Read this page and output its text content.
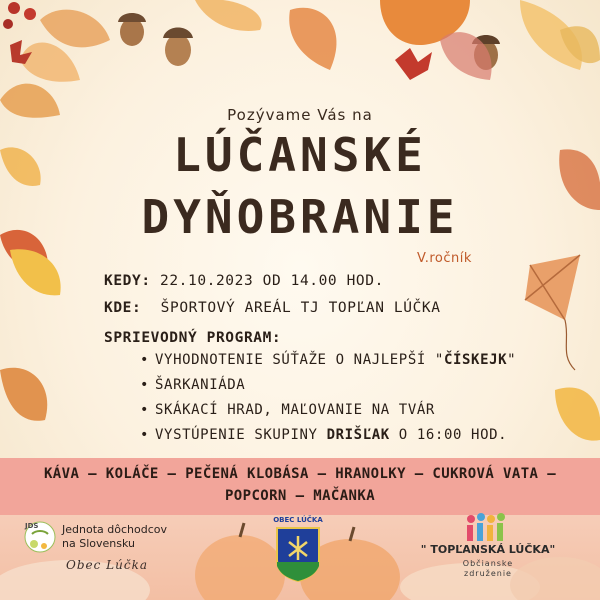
Pozývame Vás na
LÚČANSKÉ
DYŇOBRANIE
V.ročník
KEDY: 22.10.2023 OD 14.00 HOD.
KDE: ŠPORTOVÝ AREÁL TJ TOPĽAN LÚČKA
SPRIEVODNÝ PROGRAM:
• VYHODNOTENIE SÚŤAŽE O NAJLEPŠÍ "ČÍSKEJK"
• ŠARKANIÁDA
• SKÁKACÍ HRAD, MAĽOVANIE NA TVÁR
• VYSTÚPENIE SKUPINY DRIŠĽAK O 16:00 HOD.
KÁVA – KOLÁČE – PEČENÁ KLOBÁSA – HRANOLKY – CUKROVÁ VATA –
POPCORN – MAČANKA
JDS Jednota dôchodcov
na Slovensku
Obec Lúčka
OBEC LÚČKA
" TOPĽANSKÁ LÚČKA"
Občianske
združenie
